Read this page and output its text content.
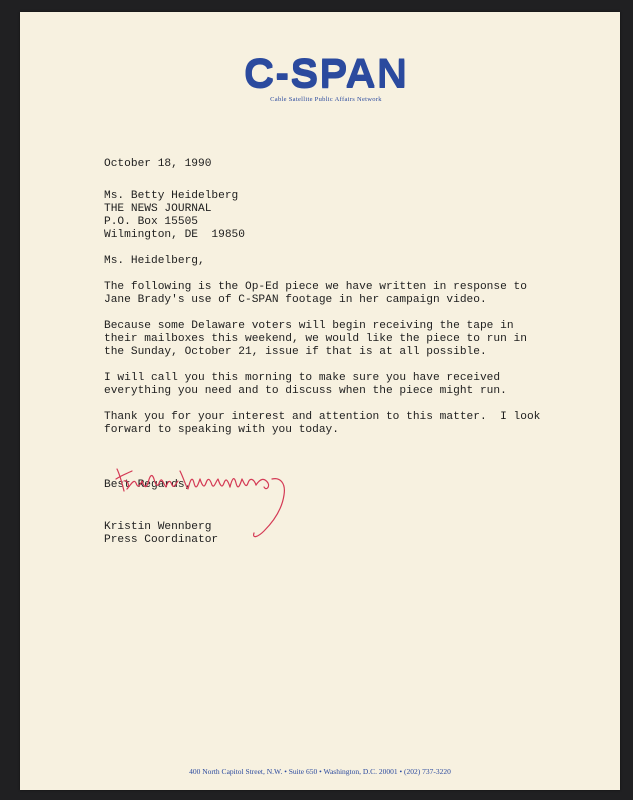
C-SPAN
Cable Satellite Public Affairs Network
October 18, 1990
Ms. Betty Heidelberg
THE NEWS JOURNAL
P.O. Box 15505
Wilmington, DE  19850
Ms. Heidelberg,
The following is the Op-Ed piece we have written in response to
Jane Brady's use of C-SPAN footage in her campaign video.
Because some Delaware voters will begin receiving the tape in
their mailboxes this weekend, we would like the piece to run in
the Sunday, October 21, issue if that is at all possible.
I will call you this morning to make sure you have received
everything you need and to discuss when the piece might run.
Thank you for your interest and attention to this matter.  I look
forward to speaking with you today.
Best Regards,
Kristin Wennberg
Press Coordinator
400 North Capitol Street, N.W. • Suite 650 • Washington, D.C. 20001 • (202) 737-3220
